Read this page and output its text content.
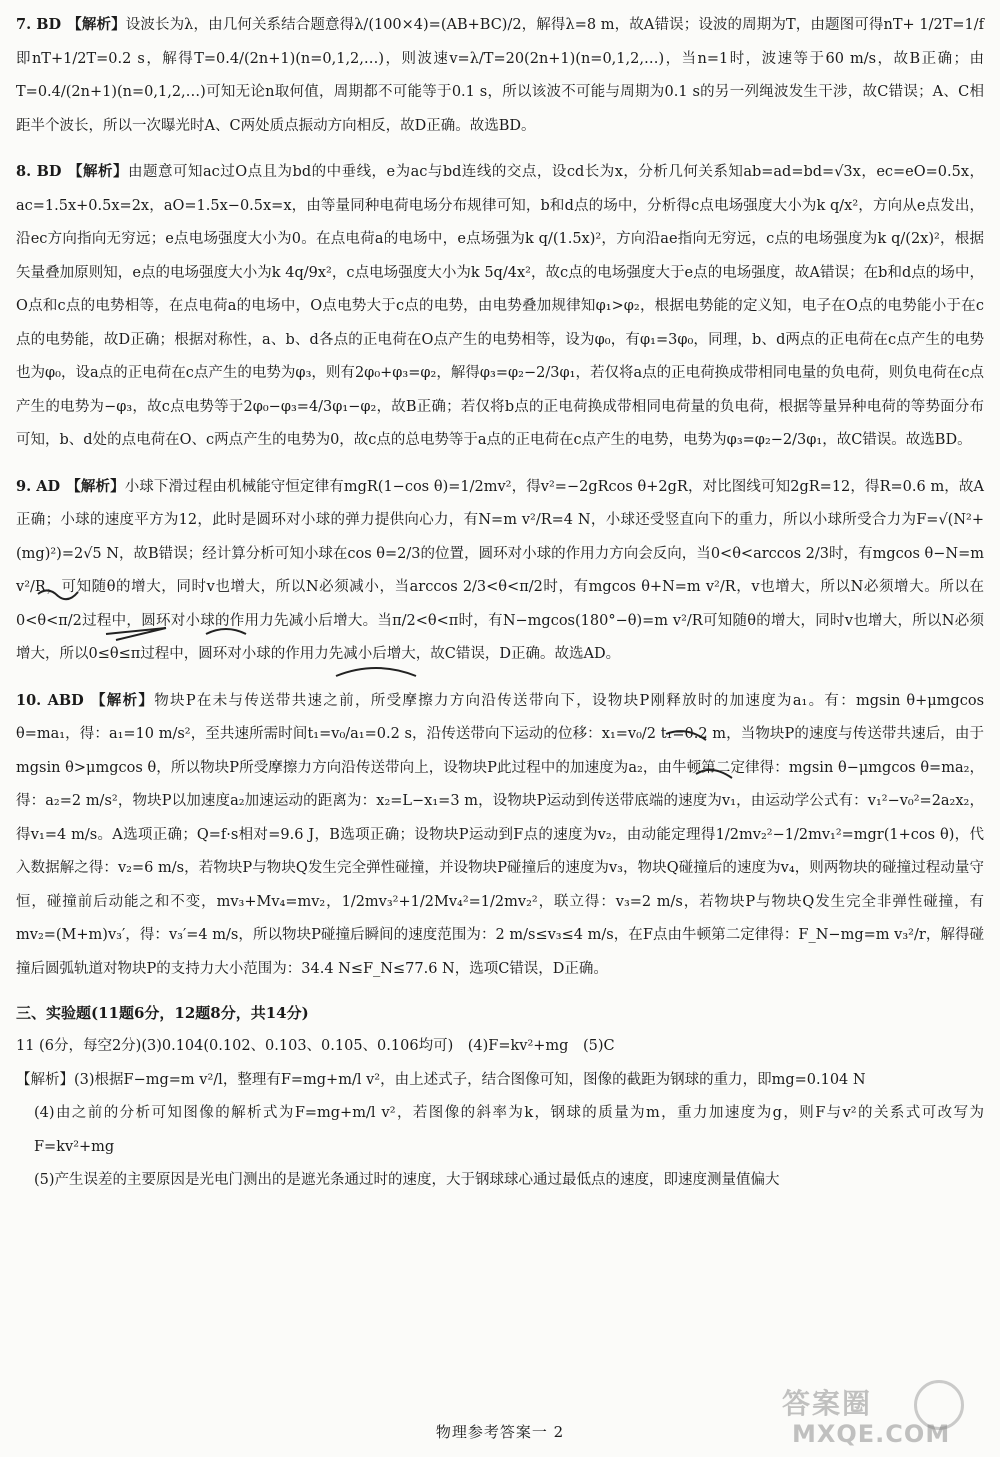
7. BD 【解析】设波长为λ，由几何关系结合题意得λ/(100×4)=(AB+BC)/2，解得λ=8 m，故A错误；设波的周期为T，由题图可得nT+ 1/2T=1/f 即nT+1/2T=0.2 s，解得T=0.4/(2n+1)(n=0,1,2,…)，则波速v=λ/T=20(2n+1)(n=0,1,2,…)，当n=1时，波速等于60 m/s，故B正确；由T=0.4/(2n+1)(n=0,1,2,…)可知无论n取何值，周期都不可能等于0.1 s，所以该波不可能与周期为0.1 s的另一列绳波发生干涉，故C错误；A、C相距半个波长，所以一次曝光时A、C两处质点振动方向相反，故D正确。故选BD。

8. BD 【解析】由题意可知ac过O点且为bd的中垂线，e为ac与bd连线的交点，设cd长为x，分析几何关系知ab=ad=bd=√3x，ec=eO=0.5x，ac=1.5x+0.5x=2x，aO=1.5x−0.5x=x，由等量同种电荷电场分布规律可知，b和d点的场中，分析得c点电场强度大小为k q/x²，方向从e点发出，沿ec方向指向无穷远；e点电场强度大小为0。在点电荷a的电场中，e点场强为k q/(1.5x)²，方向沿ae指向无穷远，c点的电场强度为k q/(2x)²，根据矢量叠加原则知，e点的电场强度大小为k 4q/9x²，c点电场强度大小为k 5q/4x²，故c点的电场强度大于e点的电场强度，故A错误；在b和d点的场中，O点和c点的电势相等，在点电荷a的电场中，O点电势大于c点的电势，由电势叠加规律知φ₁>φ₂，根据电势能的定义知，电子在O点的电势能小于在c点的电势能，故D正确；根据对称性，a、b、d各点的正电荷在O点产生的电势相等，设为φ₀，有φ₁=3φ₀，同理，b、d两点的正电荷在c点产生的电势也为φ₀，设a点的正电荷在c点产生的电势为φ₃，则有2φ₀+φ₃=φ₂，解得φ₃=φ₂−2/3φ₁，若仅将a点的正电荷换成带相同电量的负电荷，则负电荷在c点产生的电势为−φ₃，故c点电势等于2φ₀−φ₃=4/3φ₁−φ₂，故B正确；若仅将b点的正电荷换成带相同电荷量的负电荷，根据等量异种电荷的等势面分布可知，b、d处的点电荷在O、c两点产生的电势为0，故c点的总电势等于a点的正电荷在c点产生的电势，电势为φ₃=φ₂−2/3φ₁，故C错误。故选BD。

9. AD 【解析】小球下滑过程由机械能守恒定律有mgR(1−cos θ)=1/2mv²，得v²=−2gRcos θ+2gR，对比图线可知2gR=12，得R=0.6 m，故A正确；小球的速度平方为12，此时是圆环对小球的弹力提供向心力，有N=m v²/R=4 N，小球还受竖直向下的重力，所以小球所受合力为F=√(N²+(mg)²)=2√5 N，故B错误；经计算分析可知小球在cos θ=2/3的位置，圆环对小球的作用力方向会反向，当0<θ<arccos 2/3时，有mgcos θ−N=m v²/R，可知随θ的增大，同时v也增大，所以N必须减小，当arccos 2/3<θ<π/2时，有mgcos θ+N=m v²/R，v也增大，所以N必须增大。所以在0<θ<π/2过程中，圆环对小球的作用力先减小后增大。当π/2<θ<π时，有N−mgcos(180°−θ)=m v²/R可知随θ的增大，同时v也增大，所以N必须增大，所以0≤θ≤π过程中，圆环对小球的作用力先减小后增大，故C错误，D正确。故选AD。

10. ABD 【解析】物块P在未与传送带共速之前，所受摩擦力方向沿传送带向下，设物块P刚释放时的加速度为a₁。有：mgsin θ+μmgcos θ=ma₁，得：a₁=10 m/s²，至共速所需时间t₁=v₀/a₁=0.2 s，沿传送带向下运动的位移：x₁=v₀/2 t₁=0.2 m，当物块P的速度与传送带共速后，由于mgsin θ>μmgcos θ，所以物块P所受摩擦力方向沿传送带向上，设物块P此过程中的加速度为a₂，由牛顿第二定律得：mgsin θ−μmgcos θ=ma₂，得：a₂=2 m/s²，物块P以加速度a₂加速运动的距离为：x₂=L−x₁=3 m，设物块P运动到传送带底端的速度为v₁，由运动学公式有：v₁²−v₀²=2a₂x₂，得v₁=4 m/s。A选项正确；Q=f·s相对=9.6 J，B选项正确；设物块P运动到F点的速度为v₂，由动能定理得1/2mv₂²−1/2mv₁²=mgr(1+cos θ)，代入数据解之得：v₂=6 m/s，若物块P与物块Q发生完全弹性碰撞，并设物块P碰撞后的速度为v₃，物块Q碰撞后的速度为v₄，则两物块的碰撞过程动量守恒，碰撞前后动能之和不变，mv₃+Mv₄=mv₂，1/2mv₃²+1/2Mv₄²=1/2mv₂²，联立得：v₃=2 m/s，若物块P与物块Q发生完全非弹性碰撞，有mv₂=(M+m)v₃′，得：v₃′=4 m/s，所以物块P碰撞后瞬间的速度范围为：2 m/s≤v₃≤4 m/s，在F点由牛顿第二定律得：F_N−mg=m v₃²/r，解得碰撞后圆弧轨道对物块P的支持力大小范围为：34.4 N≤F_N≤77.6 N，选项C错误，D正确。

三、实验题(11题6分，12题8分，共14分)

11 (6分，每空2分)(3)0.104(0.102、0.103、0.105、0.106均可)　(4)F=kv²+mg　(5)C

【解析】(3)根据F−mg=m v²/l，整理有F=mg+m/l v²，由上述式子，结合图像可知，图像的截距为钢球的重力，即mg=0.104 N

(4)由之前的分析可知图像的解析式为F=mg+m/l v²，若图像的斜率为k，钢球的质量为m，重力加速度为g，则F与v²的关系式可改写为F=kv²+mg

(5)产生误差的主要原因是光电门测出的是遮光条通过时的速度，大于钢球球心通过最低点的速度，即速度测量值偏大

物理参考答案一 2
答案圈
MXQE.COM
